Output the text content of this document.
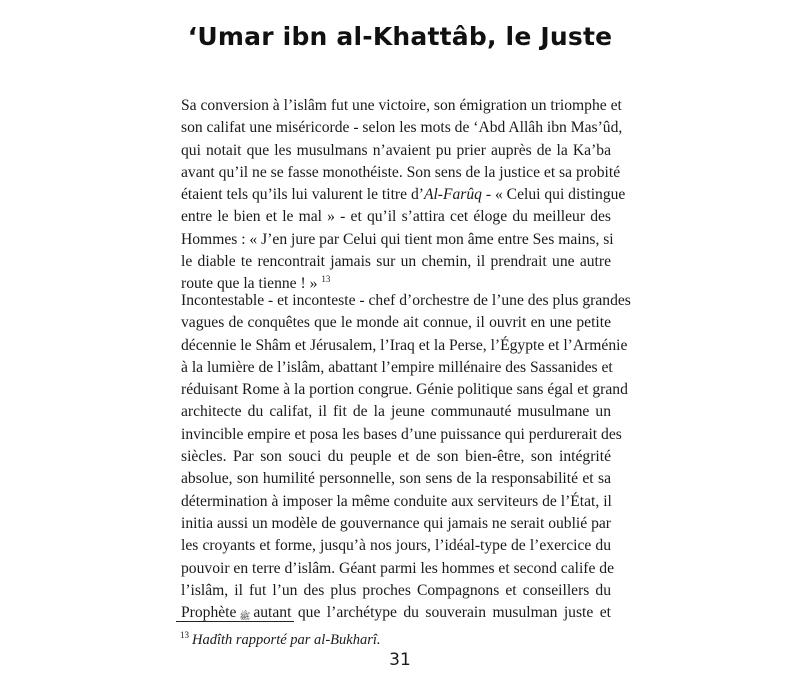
‘Umar ibn al-Khattâb, le Juste
Sa conversion à l’islâm fut une victoire, son émigration un triomphe et
son califat une miséricorde - selon les mots de ‘Abd Allâh ibn Mas’ûd,
qui notait que les musulmans n’avaient pu prier auprès de la Ka’ba
avant qu’il ne se fasse monothéiste. Son sens de la justice et sa probité
étaient tels qu’ils lui valurent le titre d’Al-Farûq - « Celui qui distingue
entre le bien et le mal » - et qu’il s’attira cet éloge du meilleur des
Hommes : « J’en jure par Celui qui tient mon âme entre Ses mains, si
le diable te rencontrait jamais sur un chemin, il prendrait une autre
route que la tienne ! » $^{13}$
Incontestable - et inconteste - chef d’orchestre de l’une des plus grandes
vagues de conquêtes que le monde ait connue, il ouvrit en une petite
décennie le Shâm et Jérusalem, l’Iraq et la Perse, l’Égypte et l’Arménie
à la lumière de l’islâm, abattant l’empire millénaire des Sassanides et
réduisant Rome à la portion congrue. Génie politique sans égal et grand
architecte du califat, il fit de la jeune communauté musulmane un
invincible empire et posa les bases d’une puissance qui perdurerait des
siècles. Par son souci du peuple et de son bien-être, son intégrité
absolue, son humilité personnelle, son sens de la responsabilité et sa
détermination à imposer la même conduite aux serviteurs de l’État, il
initia aussi un modèle de gouvernance qui jamais ne serait oublié par
les croyants et forme, jusqu’à nos jours, l’idéal-type de l’exercice du
pouvoir en terre d’islâm. Géant parmi les hommes et second calife de
l’islâm, il fut l’un des plus proches Compagnons et conseillers du
Prophète ﷺ autant que l’archétype du souverain musulman juste et
$^{13}$ Hadîth rapporté par al-Bukharî.
31
